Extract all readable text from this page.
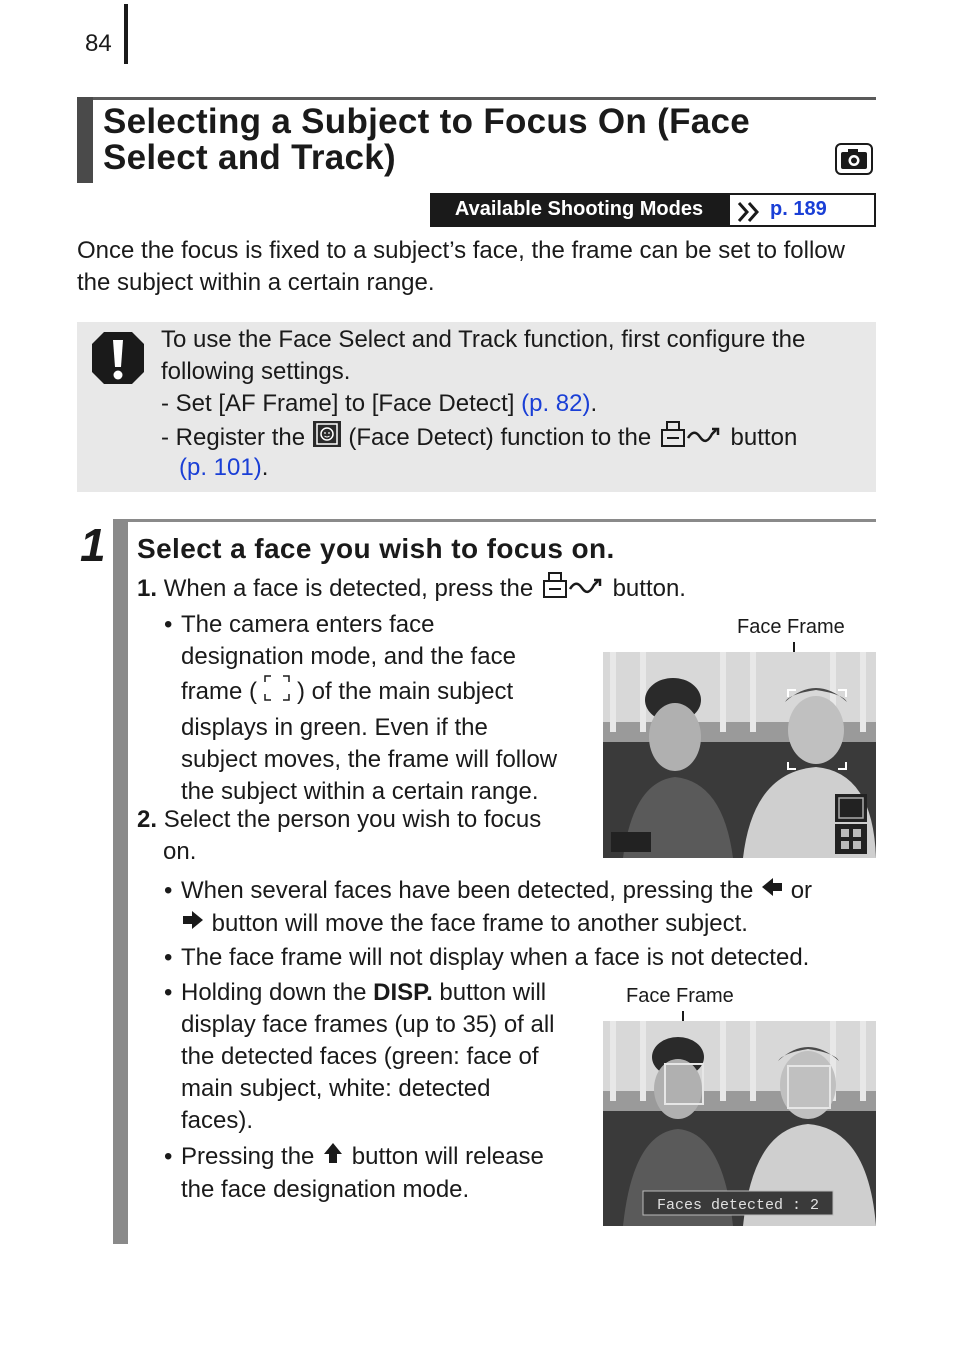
84
Selecting a Subject to Focus On (Face Select and Track)
Available Shooting Modes	p. 189
Once the focus is fixed to a subject’s face, the frame can be set to follow the subject within a certain range.
To use the Face Select and Track function, first configure the following settings.
- Set [AF Frame] to [Face Detect] (p. 82).
- Register the  (Face Detect) function to the	button
(p. 101).
1 Select a face you wish to focus on.
1. When a face is detected, press the	button.
• The camera enters face
designation mode, and the face
frame ( ) of the main subject
displays in green. Even if the
subject moves, the frame will follow
the subject within a certain range.
Face Frame
2. Select the person you wish to focus
on.
• When several faces have been detected, pressing the  or
button will move the face frame to another subject.
• The face frame will not display when a face is not detected.
• Holding down the DISP. button will
display face frames (up to 35) of all
the detected faces (green: face of
main subject, white: detected
faces).
Face Frame
Faces detected : 2
• Pressing the  button will release
the face designation mode.
